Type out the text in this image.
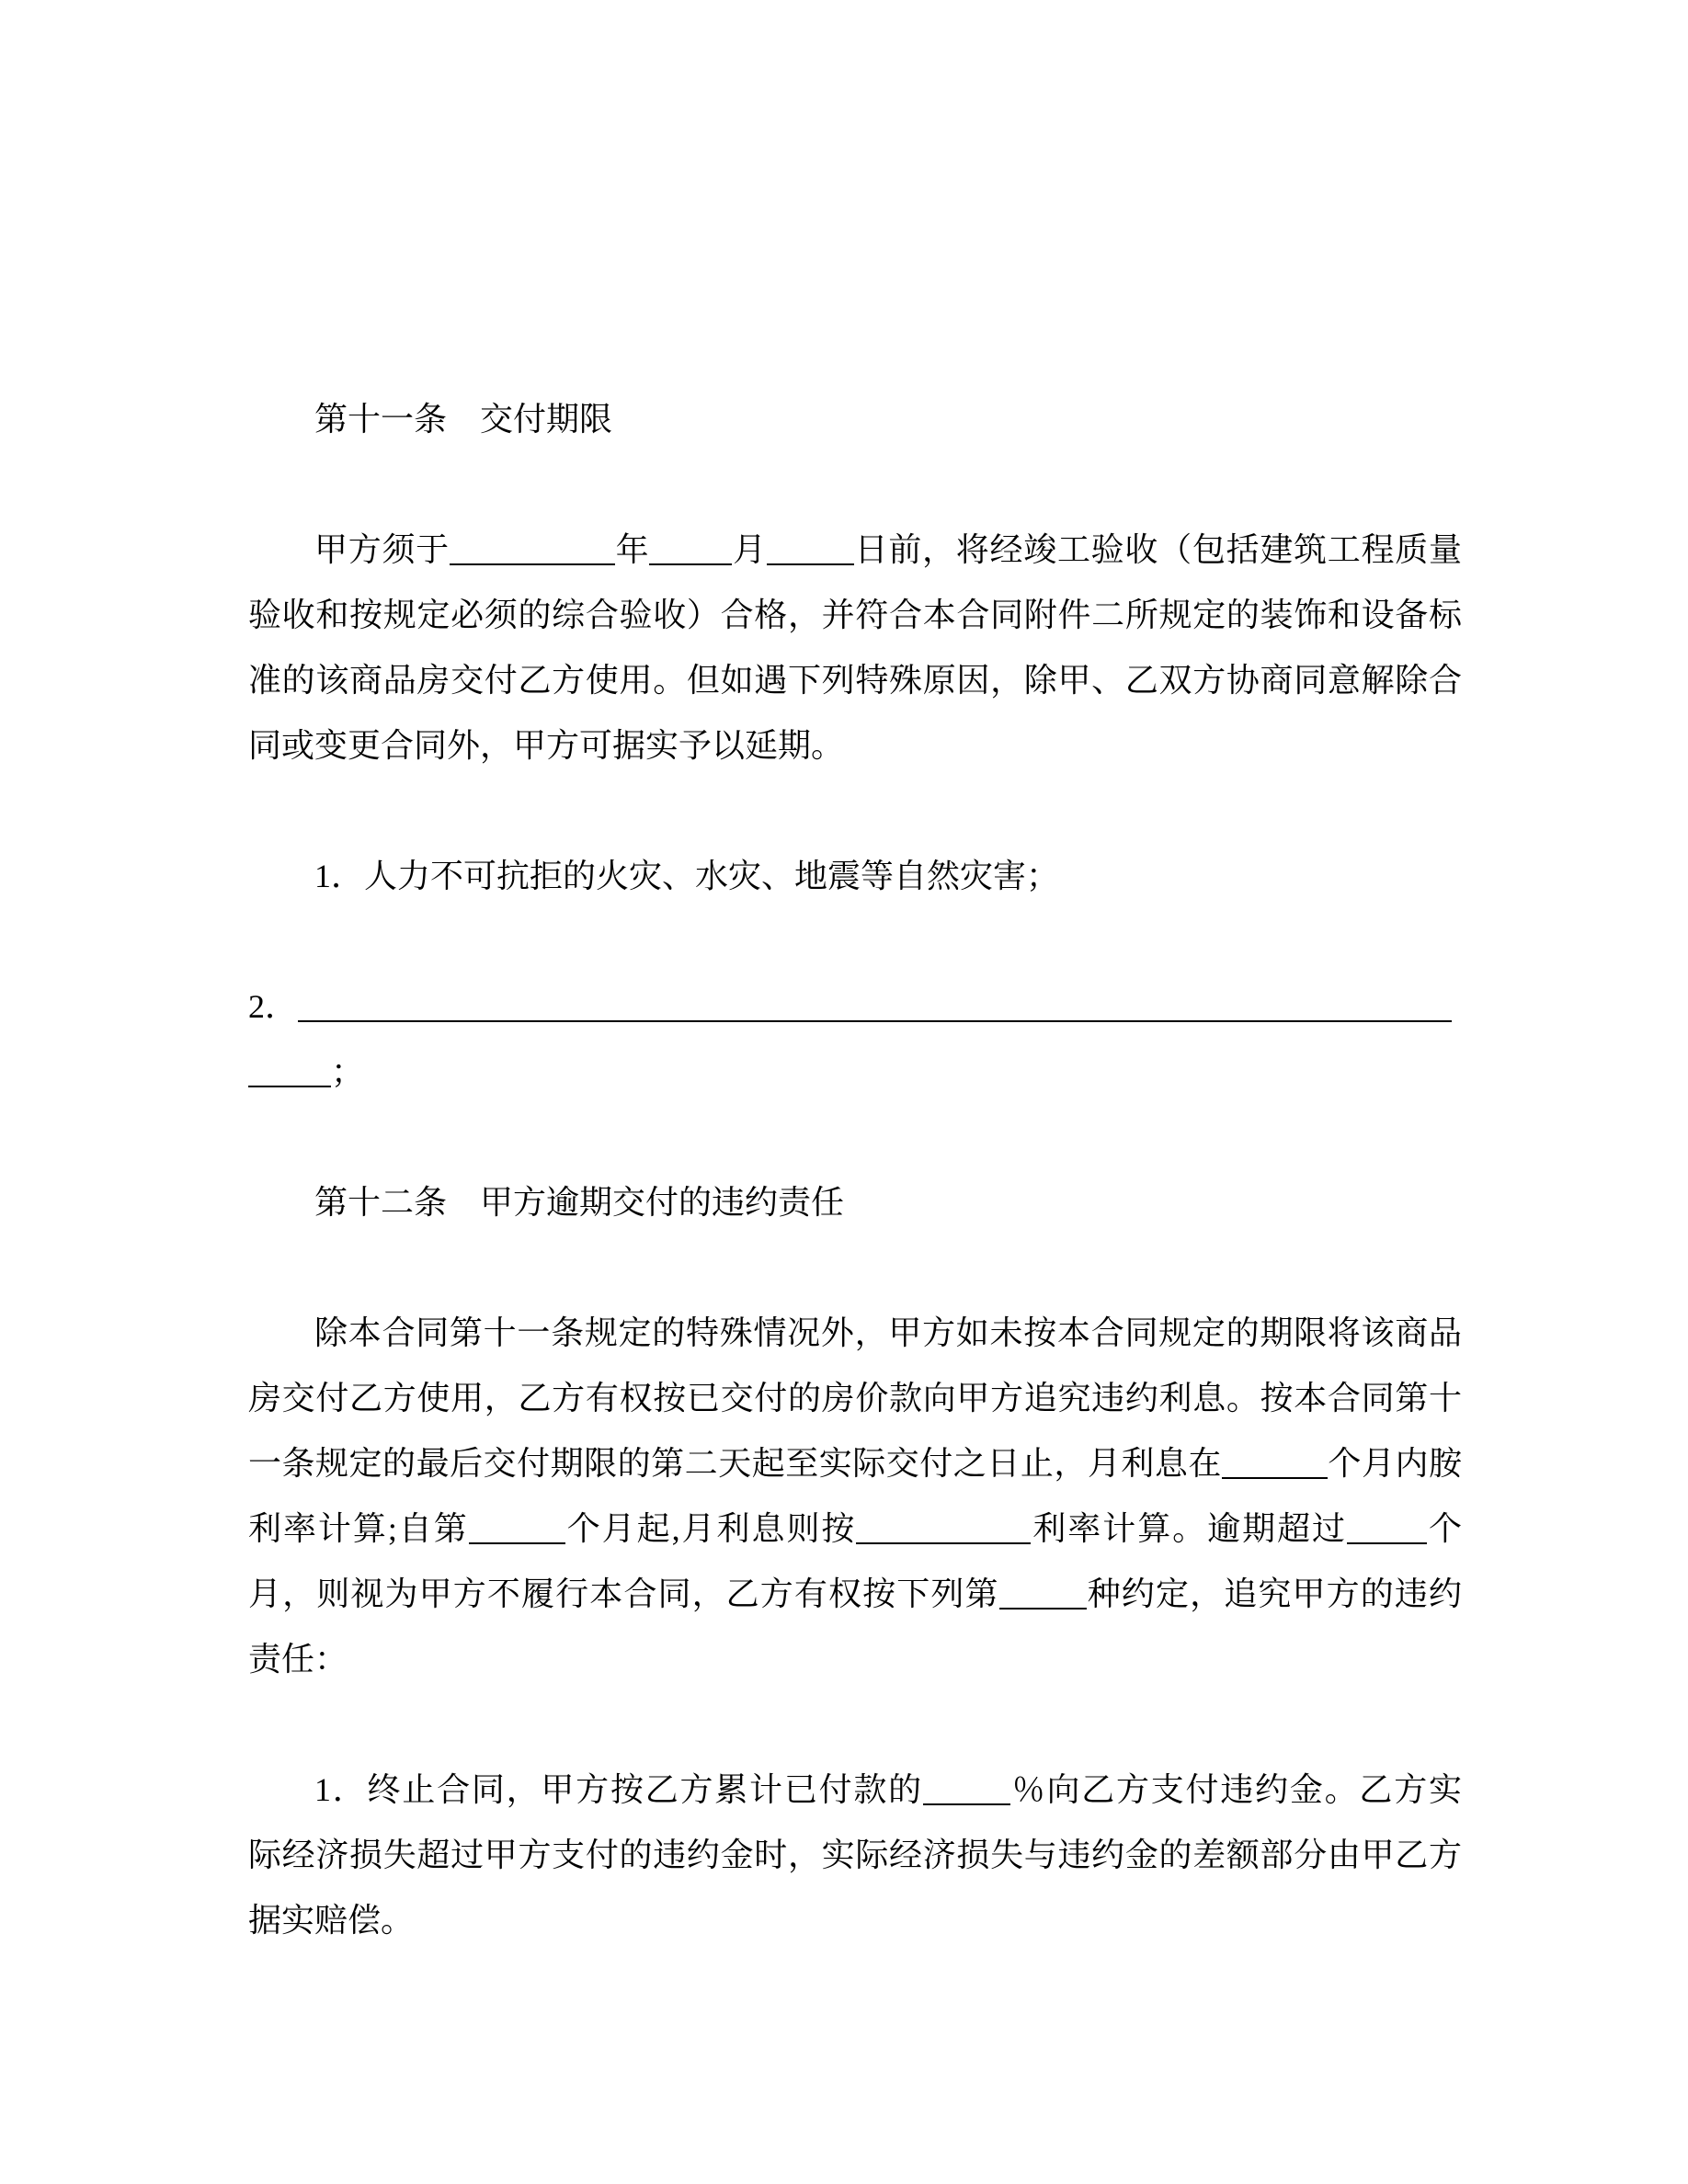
第十一条　交付期限
甲方须于	年	月	日前，将经竣工验收（包括建筑工程质量
验收和按规定必须的综合验收）合格，并符合本合同附件二所规定的装饰和设备标
准的该商品房交付乙方使用。但如遇下列特殊原因，除甲、乙双方协商同意解除合
同或变更合同外，甲方可据实予以延期。
1．人力不可抗拒的火灾、水灾、地震等自然灾害；
2．
；
第十二条　甲方逾期交付的违约责任
除本合同第十一条规定的特殊情况外，甲方如未按本合同规定的期限将该商品
房交付乙方使用，乙方有权按已交付的房价款向甲方追究违约利息。按本合同第十
一条规定的最后交付期限的第二天起至实际交付之日止，月利息在	个月内胺
利率计算;自第	个月起,月利息则按	利率计算。逾期超过 个
月，则视为甲方不履行本合同，乙方有权按下列第	种约定，追究甲方的违约
责任：
1．终止合同，甲方按乙方累计已付款的	％向乙方支付违约金。乙方实
际经济损失超过甲方支付的违约金时，实际经济损失与违约金的差额部分由甲乙方
据实赔偿。
